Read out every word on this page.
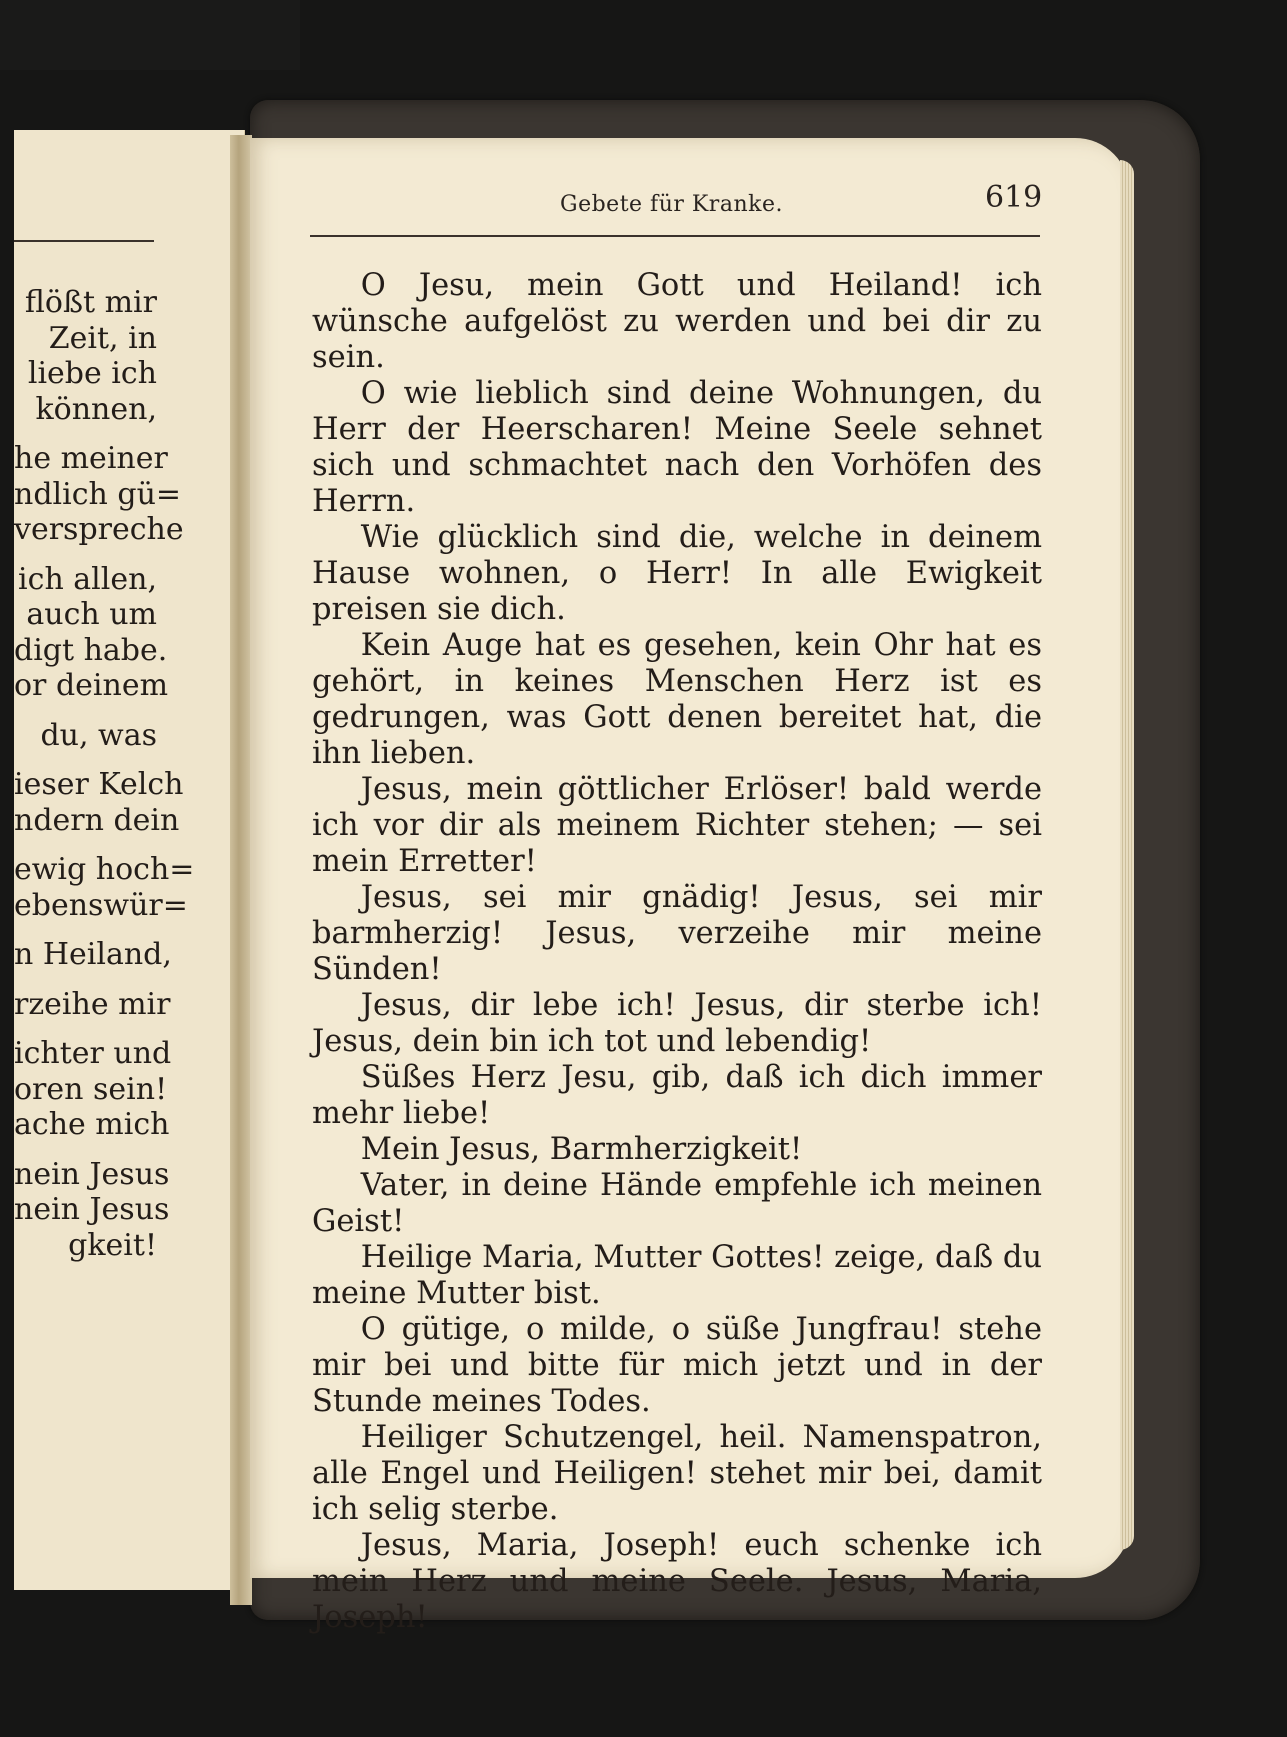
flößt mir
Zeit, in
liebe ich
können,
he meiner
ndlich gü=
verspreche
ich allen,
auch um
digt habe.
or deinem
du, was
ieser Kelch
ndern dein
ewig hoch=
ebenswür=
n Heiland,
rzeihe mir
ichter und
oren sein!
ache mich
nein Jesus
nein Jesus
gkeit!
Gebete für Kranke.	619

O Jesu, mein Gott und Heiland! ich wünsche aufgelöst zu werden und bei dir zu sein.

O wie lieblich sind deine Wohnungen, du Herr der Heerscharen! Meine Seele sehnet sich und schmachtet nach den Vorhöfen des Herrn.

Wie glücklich sind die, welche in deinem Hause wohnen, o Herr! In alle Ewigkeit preisen sie dich.

Kein Auge hat es gesehen, kein Ohr hat es gehört, in keines Menschen Herz ist es gedrungen, was Gott denen bereitet hat, die ihn lieben.

Jesus, mein göttlicher Erlöser! bald werde ich vor dir als meinem Richter stehen; — sei mein Erretter!

Jesus, sei mir gnädig! Jesus, sei mir barmherzig! Jesus, verzeihe mir meine Sünden!

Jesus, dir lebe ich! Jesus, dir sterbe ich! Jesus, dein bin ich tot und lebendig!

Süßes Herz Jesu, gib, daß ich dich immer mehr liebe!

Mein Jesus, Barmherzigkeit!

Vater, in deine Hände empfehle ich meinen Geist!

Heilige Maria, Mutter Gottes! zeige, daß du meine Mutter bist.

O gütige, o milde, o süße Jungfrau! stehe mir bei und bitte für mich jetzt und in der Stunde meines Todes.

Heiliger Schutzengel, heil. Namenspatron, alle Engel und Heiligen! stehet mir bei, damit ich selig sterbe.

Jesus, Maria, Joseph! euch schenke ich mein Herz und meine Seele. Jesus, Maria, Joseph!
